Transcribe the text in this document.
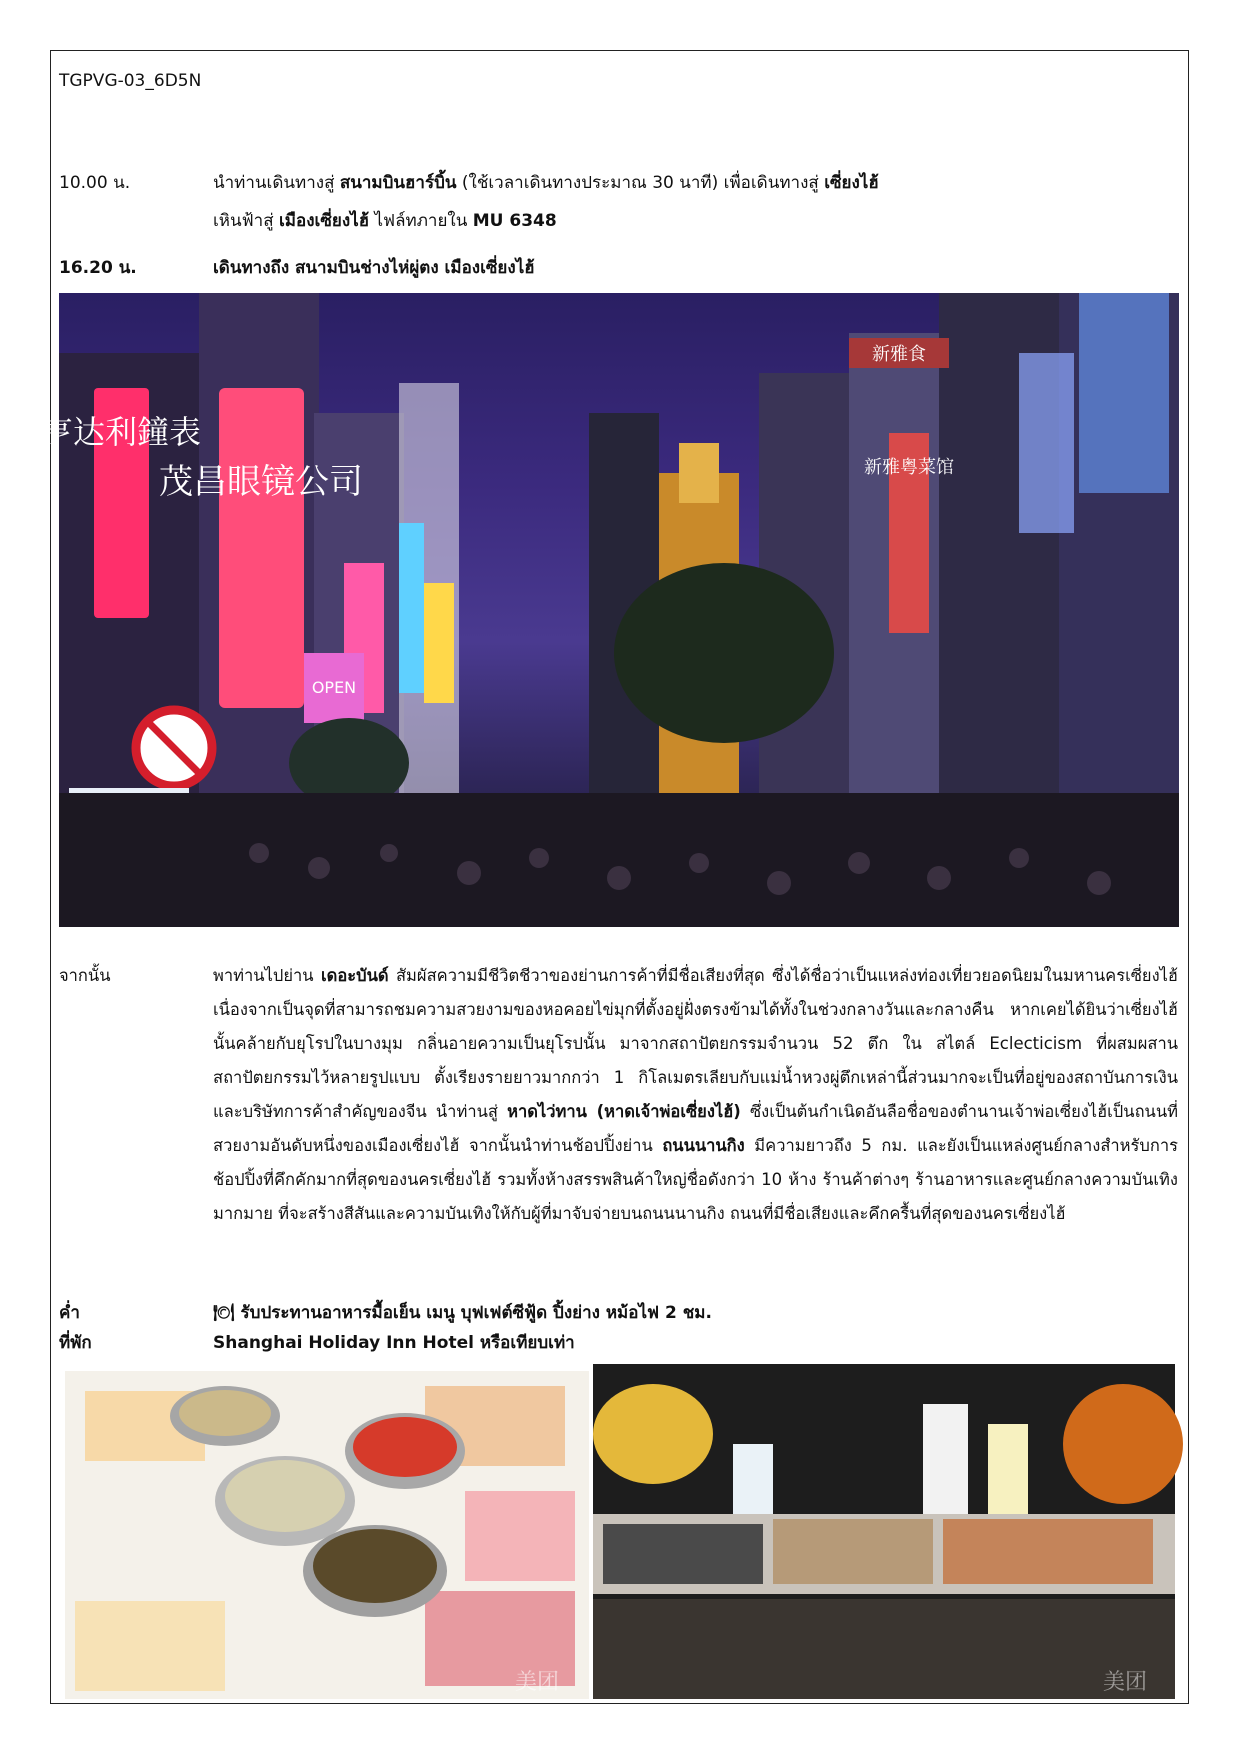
TGPVG-03_6D5N
10.00 น.	นำท่านเดินทางสู่ สนามบินฮาร์บิ้น (ใช้เวลาเดินทางประมาณ 30 นาที) เพื่อเดินทางสู่ เซี่ยงไฮ้
เหินฟ้าสู่ เมืองเซี่ยงไฮ้ ไฟล์ทภายใน MU 6348
16.20 น.	เดินทางถึง สนามบินช่างไห่ผู่ตง เมืองเซี่ยงไฮ้
亨达利鐘表
茂昌眼镜公司
OPEN
新雅粤菜馆
新雅食
จากนั้น	พาท่านไปย่าน เดอะบันด์ สัมผัสความมีชีวิตชีวาของย่านการค้าที่มีชื่อเสียงที่สุด ซึ่งได้ชื่อว่าเป็นแหล่งท่องเที่ยวยอดนิยมในมหานครเซี่ยงไฮ้เนื่องจากเป็นจุดที่สามารถชมความสวยงามของหอคอยไข่มุกที่ตั้งอยู่ฝั่งตรงข้ามได้ทั้งในช่วงกลางวันและกลางคืน หากเคยได้ยินว่าเซี่ยงไฮ้นั้นคล้ายกับยุโรปในบางมุม กลิ่นอายความเป็นยุโรปนั้น มาจากสถาปัตยกรรมจำนวน 52 ตึก ใน สไตล์ Eclecticism ที่ผสมผสานสถาปัตยกรรมไว้หลายรูปแบบ ตั้งเรียงรายยาวมากกว่า 1 กิโลเมตรเลียบกับแม่น้ำหวงผู่ตึกเหล่านี้ส่วนมากจะเป็นที่อยู่ของสถาบันการเงิน และบริษัทการค้าสำคัญของจีน นำท่านสู่ หาดไว่ทาน (หาดเจ้าพ่อเซี่ยงไฮ้) ซึ่งเป็นต้นกำเนิดอันลือชื่อของตำนานเจ้าพ่อเซี่ยงไฮ้เป็นถนนที่สวยงามอันดับหนึ่งของเมืองเซี่ยงไฮ้ จากนั้นนำท่านช้อปปิ้งย่าน ถนนนานกิง มีความยาวถึง 5 กม. และยังเป็นแหล่งศูนย์กลางสำหรับการช้อปปิ้งที่คึกคักมากที่สุดของนครเซี่ยงไฮ้ รวมทั้งห้างสรรพสินค้าใหญ่ชื่อดังกว่า 10 ห้าง ร้านค้าต่างๆ ร้านอาหารและศูนย์กลางความบันเทิงมากมาย ที่จะสร้างสีสันและความบันเทิงให้กับผู้ที่มาจับจ่ายบนถนนนานกิง ถนนที่มีชื่อเสียงและคึกครื้นที่สุดของนครเซี่ยงไฮ้
ค่ำ	🍽 รับประทานอาหารมื้อเย็น เมนู บุฟเฟต์ซีฟู้ด ปิ้งย่าง หม้อไฟ 2 ชม.
ที่พัก	Shanghai Holiday Inn Hotel หรือเทียบเท่า
美团	美团
